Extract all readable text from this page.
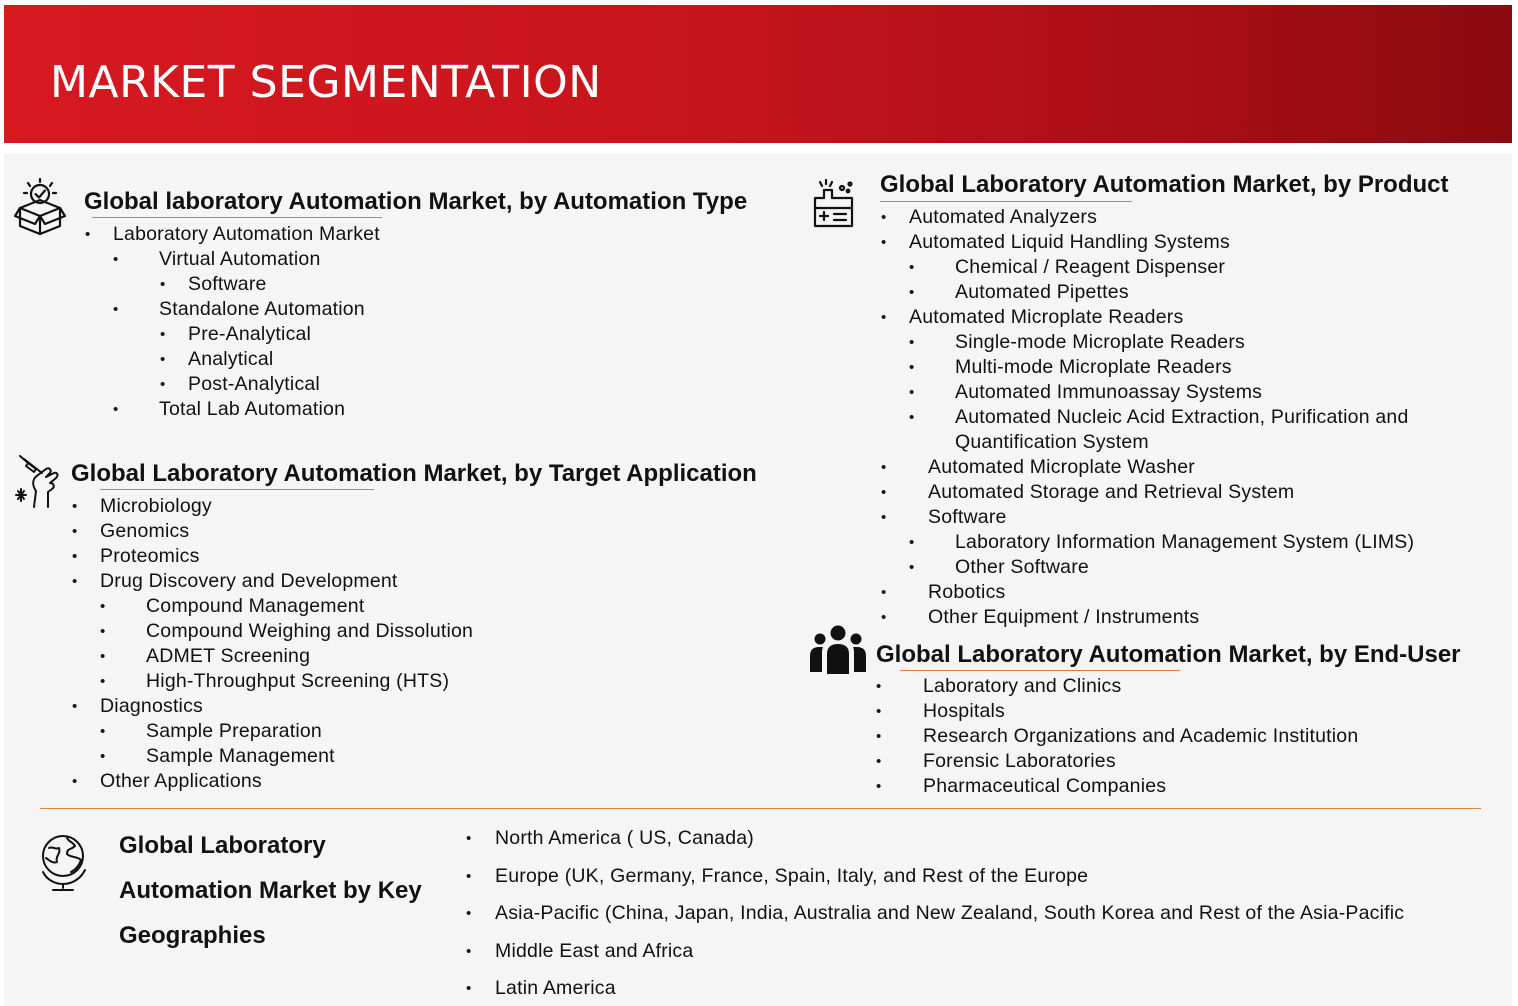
MARKET SEGMENTATION
Global laboratory Automation Market, by Automation Type
• Laboratory Automation Market
• Virtual Automation
• Software
• Standalone Automation
• Pre-Analytical
• Analytical
• Post-Analytical
• Total Lab Automation
Global Laboratory Automation Market, by Target Application
• Microbiology
• Genomics
• Proteomics
• Drug Discovery and Development
• Compound Management
• Compound Weighing and Dissolution
• ADMET Screening
• High-Throughput Screening (HTS)
• Diagnostics
• Sample Preparation
• Sample Management
• Other Applications
Global Laboratory Automation Market, by Product
• Automated Analyzers
• Automated Liquid Handling Systems
• Chemical / Reagent Dispenser
• Automated Pipettes
• Automated Microplate Readers
• Single-mode Microplate Readers
• Multi-mode Microplate Readers
• Automated Immunoassay Systems
• Automated Nucleic Acid Extraction, Purification and
Quantification System
• Automated Microplate Washer
• Automated Storage and Retrieval System
• Software
• Laboratory Information Management System (LIMS)
• Other Software
• Robotics
• Other Equipment / Instruments
Global Laboratory Automation Market, by End-User
• Laboratory and Clinics
• Hospitals
• Research Organizations and Academic Institution
• Forensic Laboratories
• Pharmaceutical Companies
Global Laboratory
Automation Market by Key
Geographies
• North America ( US, Canada)
• Europe (UK, Germany, France, Spain, Italy, and Rest of the Europe
• Asia-Pacific (China, Japan, India, Australia and New Zealand, South Korea and Rest of the Asia-Pacific
• Middle East and Africa
• Latin America
